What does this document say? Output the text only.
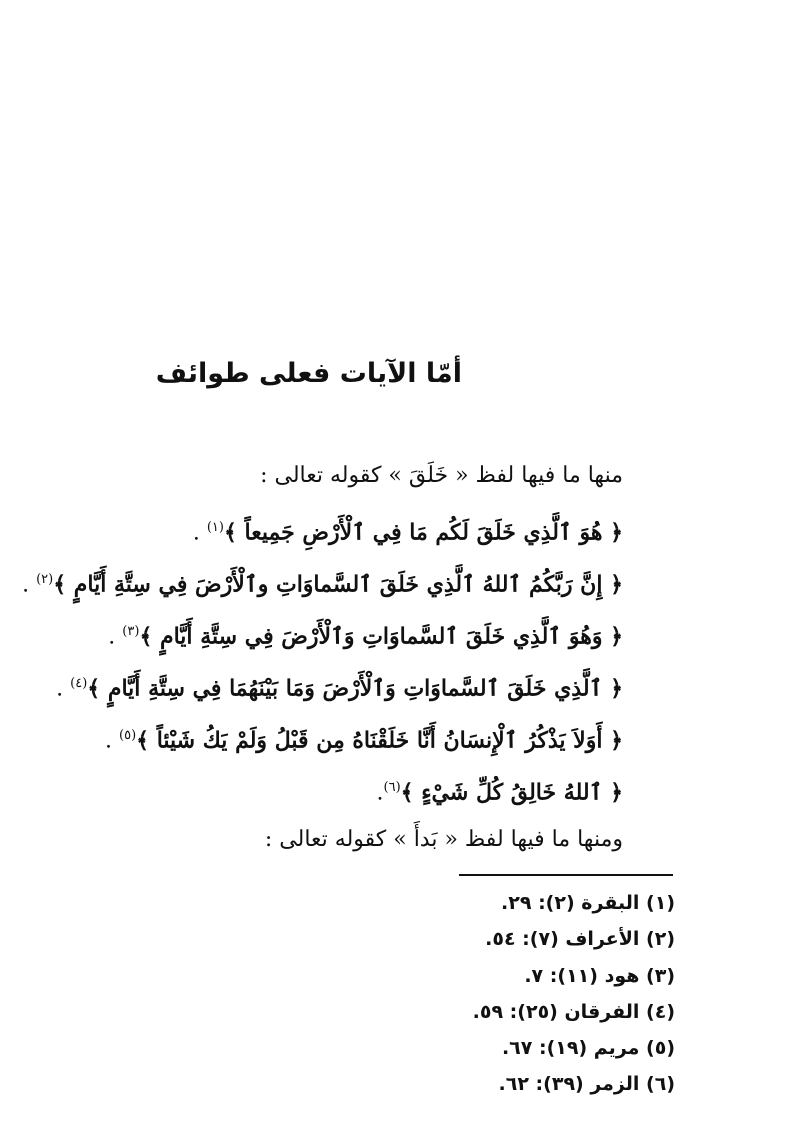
أمّا الآيات فعلى طوائف
منها ما فيها لفظ « خَلَقَ » كقوله تعالى :
﴿ هُوَ ٱلَّذِي خَلَقَ لَكُم مَا فِي ٱلْأَرْضِ جَمِيعاً ﴾$^{(١)}$ .
﴿ إِنَّ رَبَّكُمُ ٱللهُ ٱلَّذِي خَلَقَ ٱلسَّماوَاتِ وٱلْأَرْضَ فِي سِتَّةِ أَيَّامٍ ﴾$^{(٢)}$ .
﴿ وَهُوَ ٱلَّذِي خَلَقَ ٱلسَّماوَاتِ وَٱلْأَرْضَ فِي سِتَّةِ أَيَّامٍ ﴾$^{(٣)}$ .
﴿ ٱلَّذِي خَلَقَ ٱلسَّماوَاتِ وَٱلْأَرْضَ وَمَا بَيْنَهُمَا فِي سِتَّةِ أَيَّامٍ ﴾$^{(٤)}$ .
﴿ أَوَلاَ يَذْكُرُ ٱلْإِنسَانُ أَنَّا خَلَقْنَاهُ مِن قَبْلُ وَلَمْ يَكُ شَيْئاً ﴾$^{(٥)}$ .
﴿ ٱللهُ خَالِقُ كُلِّ شَيْءٍ ﴾$^{(٦)}$.
ومنها ما فيها لفظ « بَدأَ » كقوله تعالى :
(١) البقرة (٢): ٢٩.
(٢) الأعراف (٧): ٥٤.
(٣) هود (١١): ٧.
(٤) الفرقان (٢٥): ٥٩.
(٥) مريم (١٩): ٦٧.
(٦) الزمر (٣٩): ٦٢.
